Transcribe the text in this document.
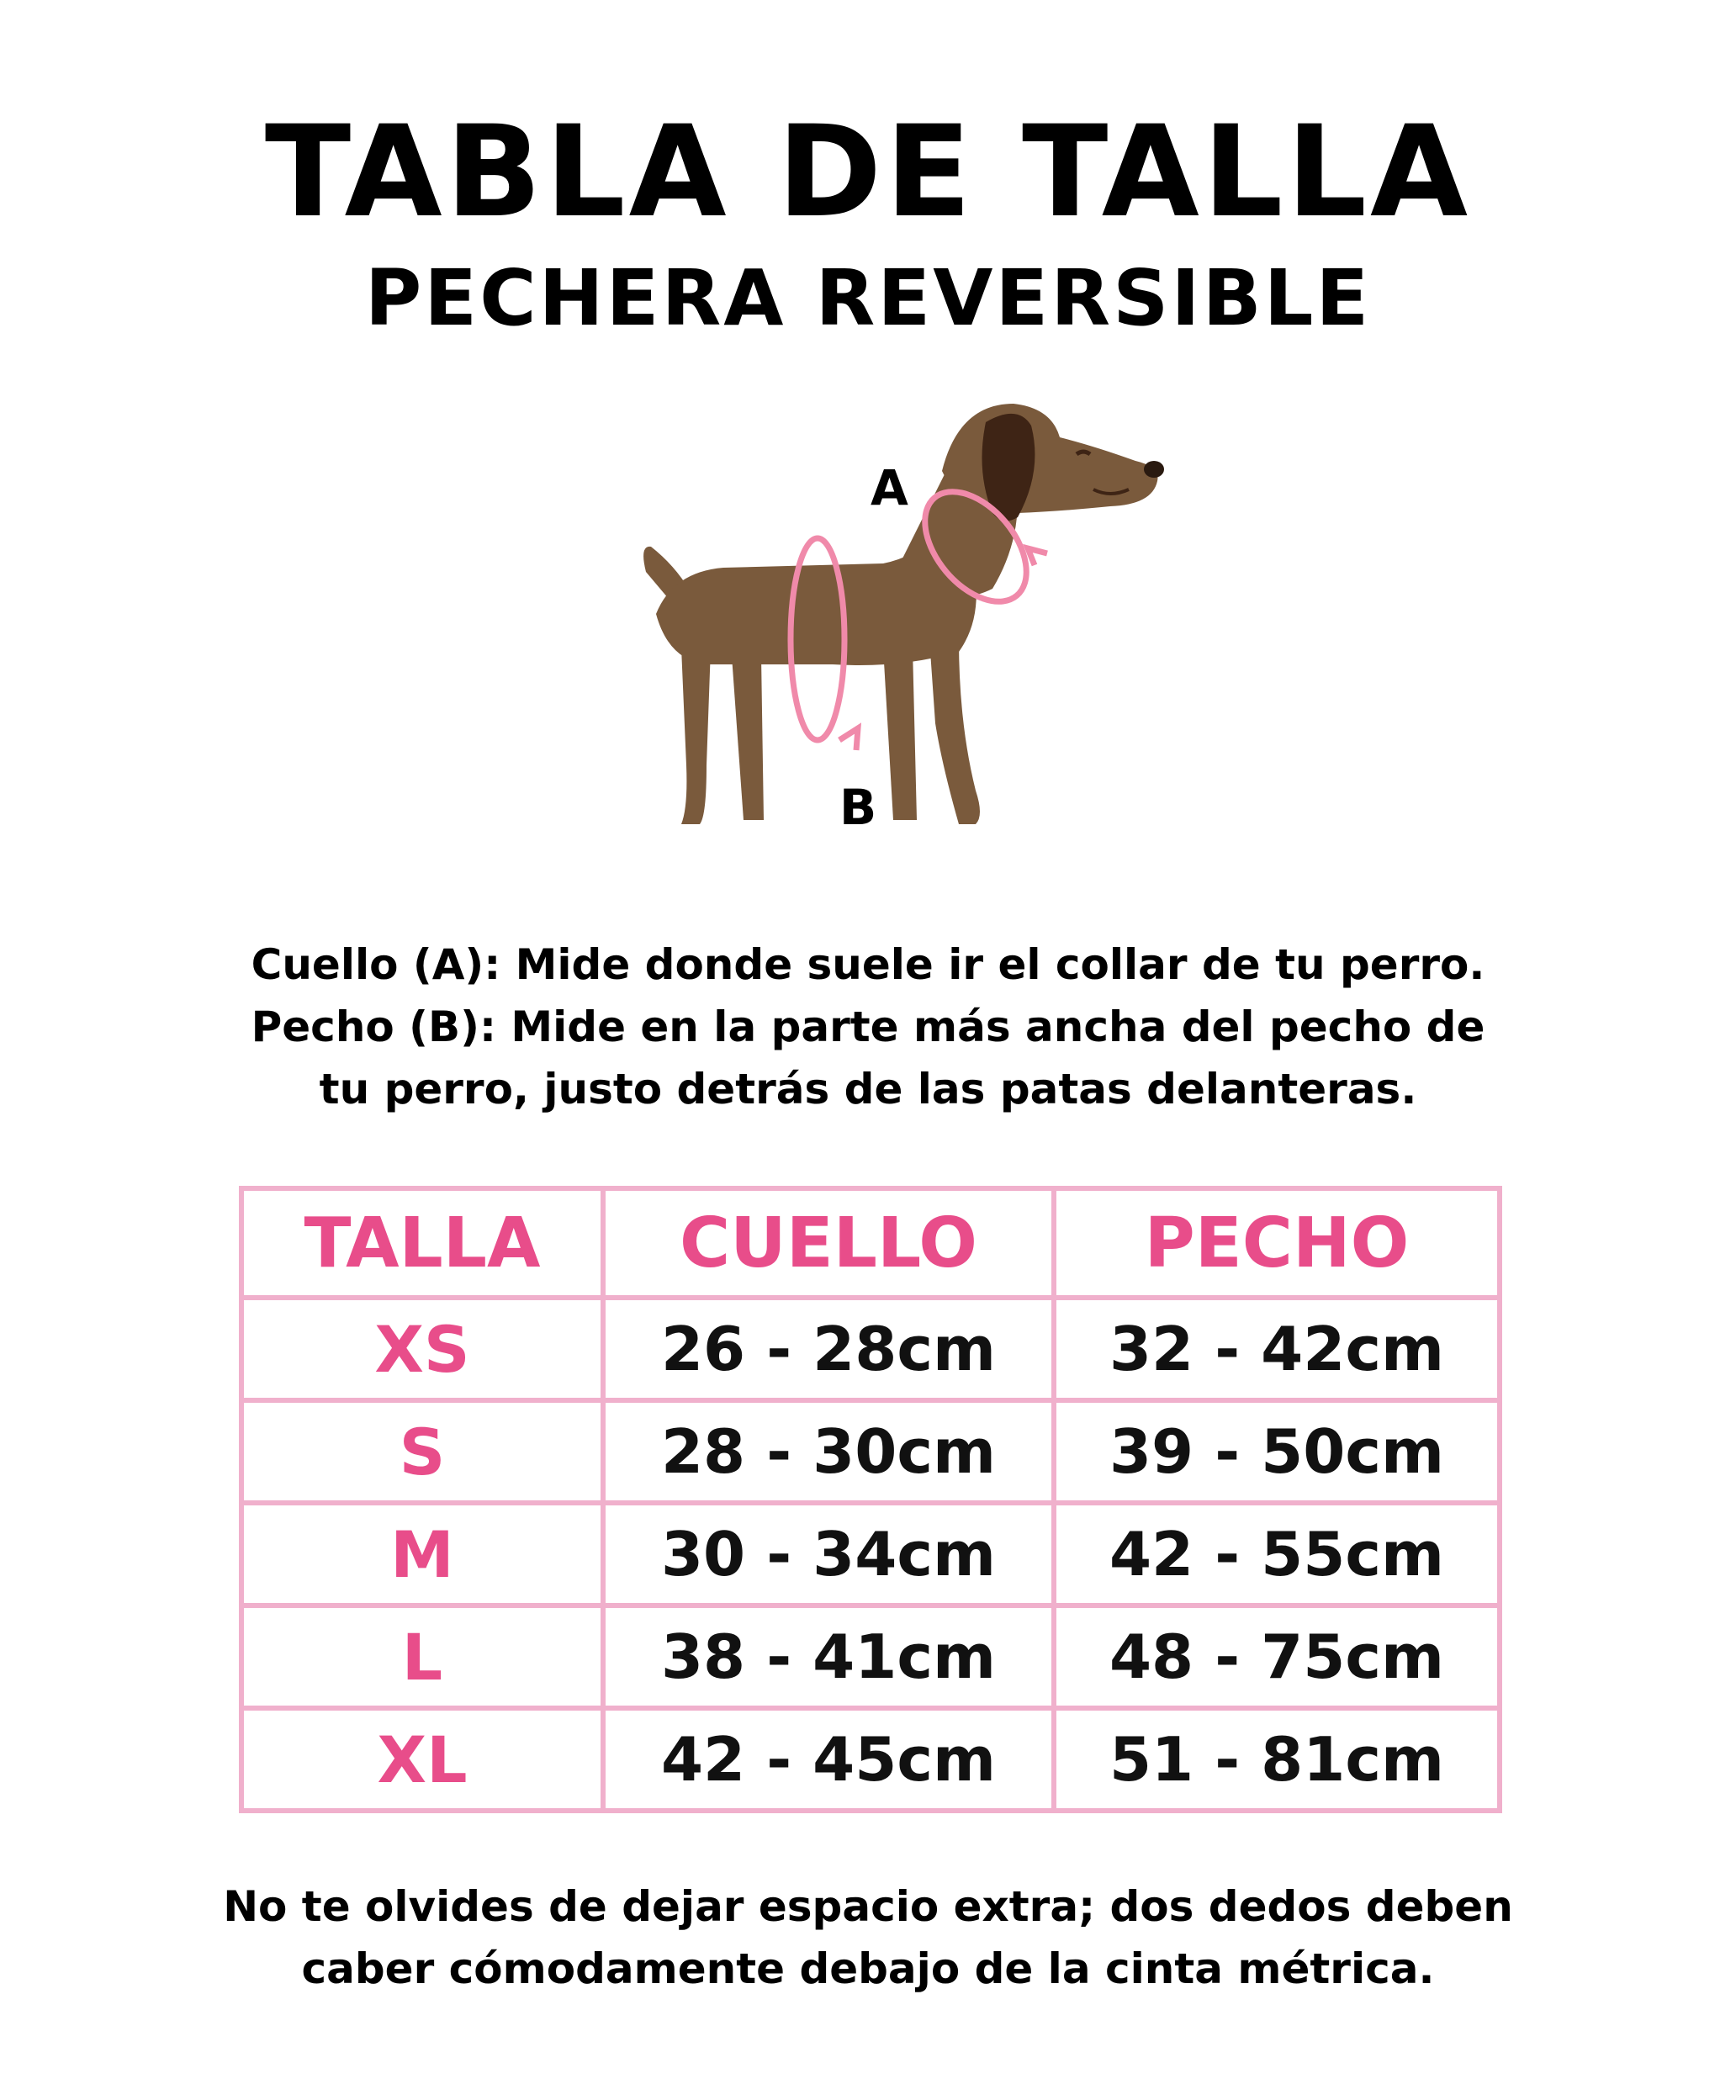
TABLA DE TALLA
PECHERA REVERSIBLE
A
B
Cuello (A): Mide donde suele ir el collar de tu perro.
Pecho (B): Mide en la parte más ancha del pecho de
tu perro, justo detrás de las patas delanteras.
TALLA	CUELLO	PECHO
XS	26 - 28cm	32 - 42cm
S	28 - 30cm	39 - 50cm
M	30 - 34cm	42 - 55cm
L	38 - 41cm	48 - 75cm
XL	42 - 45cm	51 - 81cm
No te olvides de dejar espacio extra; dos dedos deben
caber cómodamente debajo de la cinta métrica.
